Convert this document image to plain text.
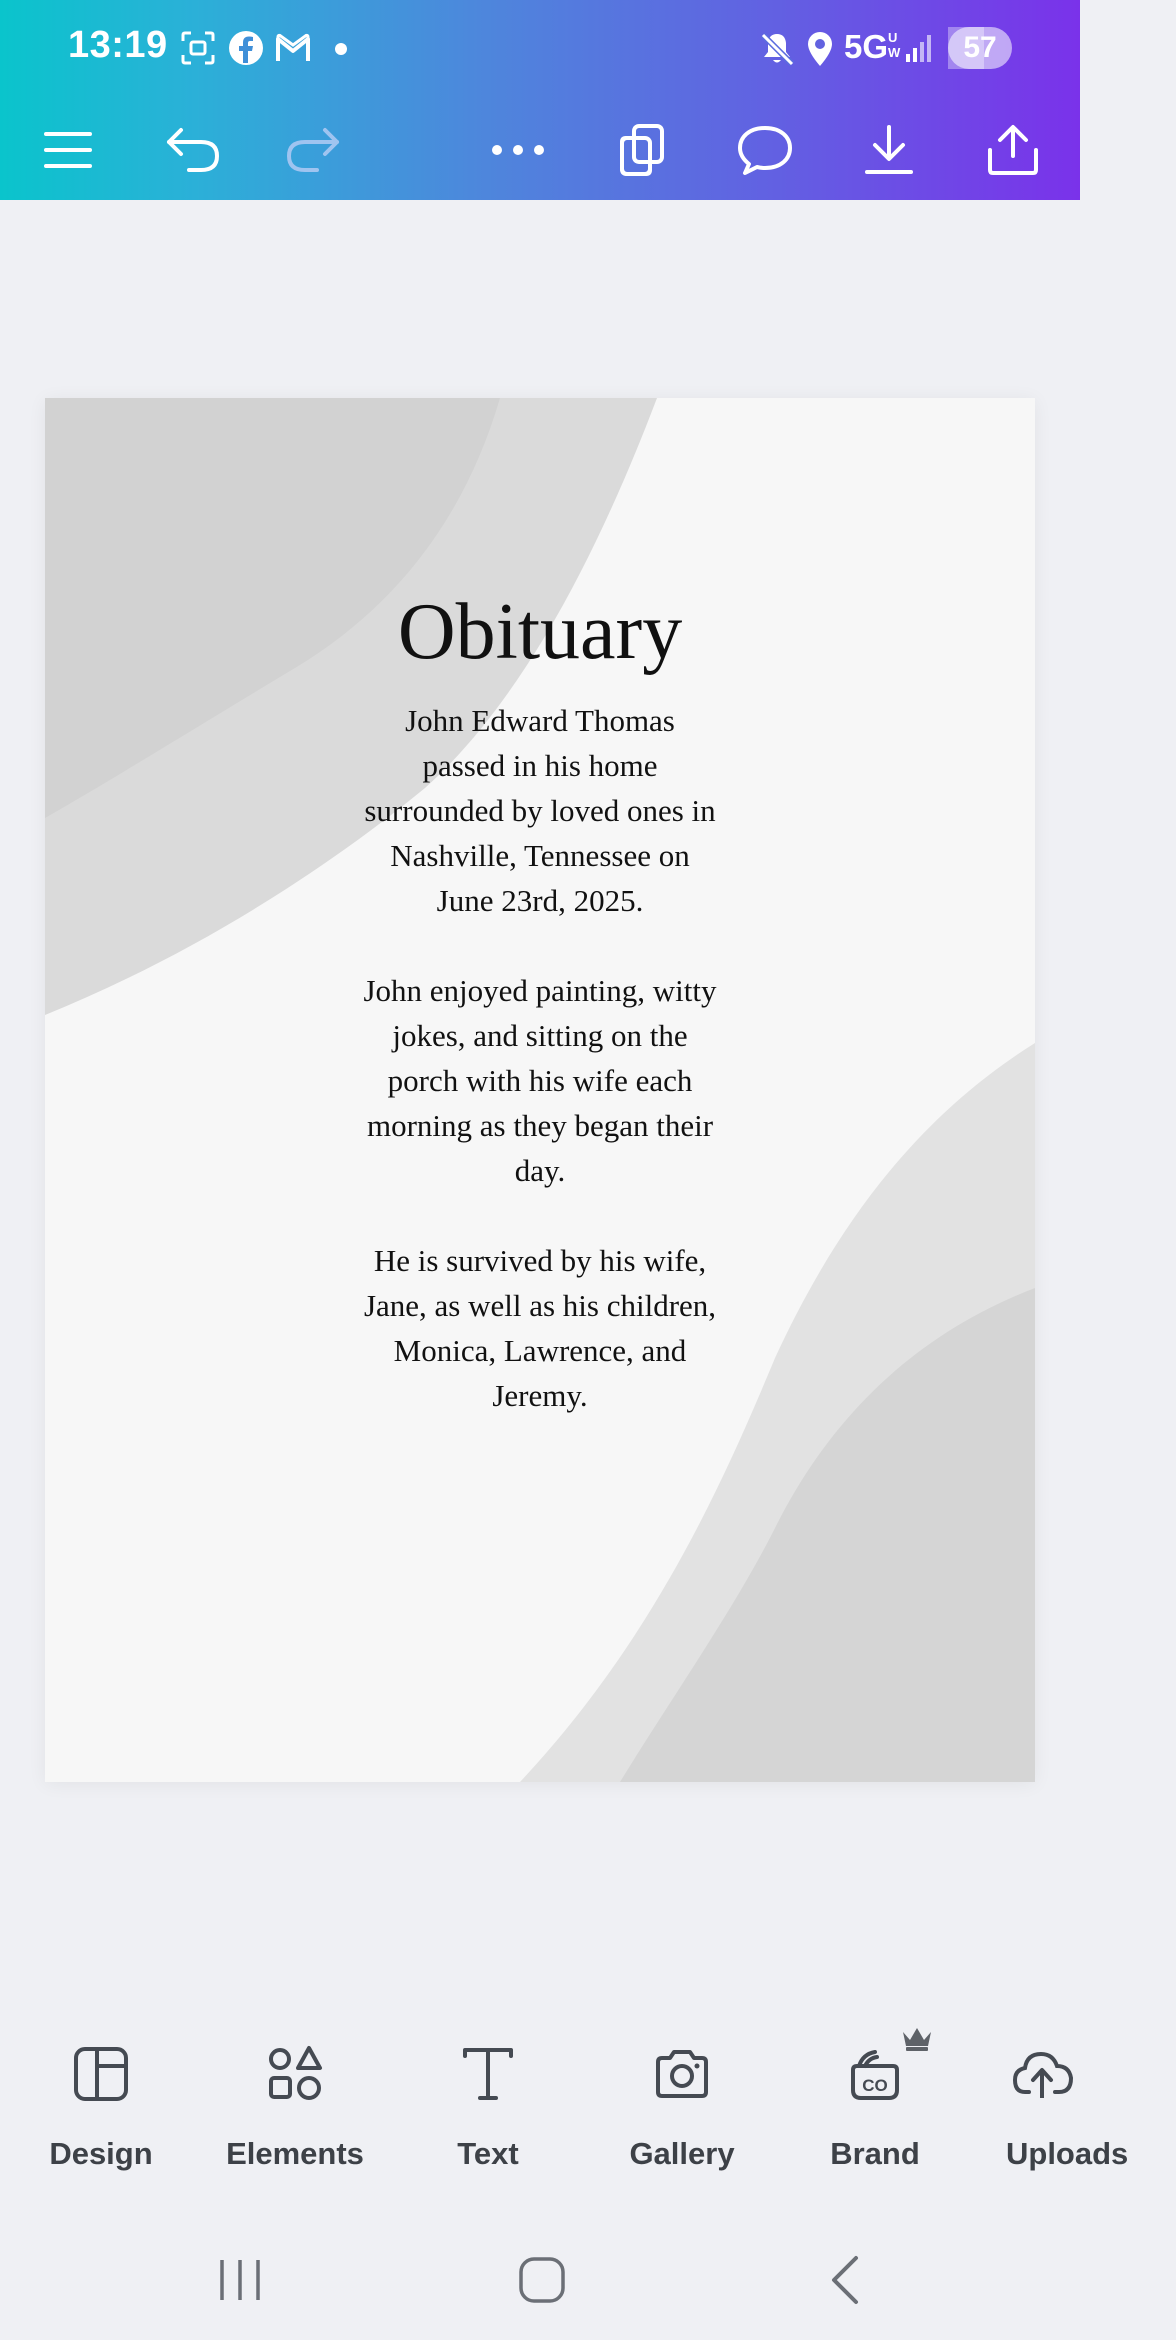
13:19	5G U
W	57
Obituary

John Edward Thomas passed in his home surrounded by loved ones in Nashville, Tennessee on June 23rd, 2025.

John enjoyed painting, witty jokes, and sitting on the porch with his wife each morning as they began their day.

He is survived by his wife, Jane, as well as his children, Monica, Lawrence, and Jeremy.

Design	Elements	Text	Gallery
CO
Brand	Uploads
